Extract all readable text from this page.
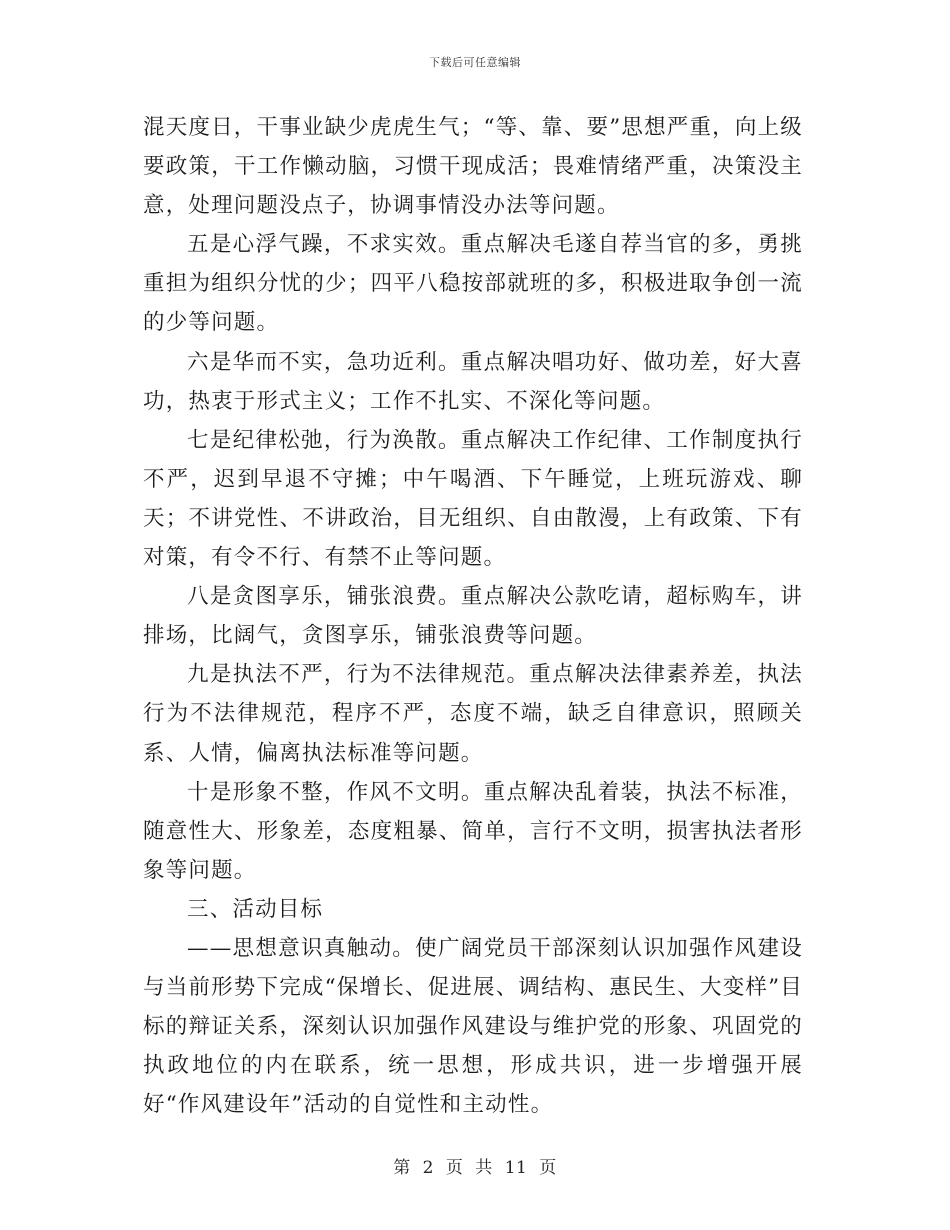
下载后可任意编辑

混天度日，干事业缺少虎虎生气；“等、靠、要”思想严重，向上级要政策，干工作懒动脑，习惯干现成活；畏难情绪严重，决策没主意，处理问题没点子，协调事情没办法等问题。

五是心浮气躁，不求实效。重点解决毛遂自荐当官的多，勇挑重担为组织分忧的少；四平八稳按部就班的多，积极进取争创一流的少等问题。

六是华而不实，急功近利。重点解决唱功好、做功差，好大喜功，热衷于形式主义；工作不扎实、不深化等问题。

七是纪律松弛，行为涣散。重点解决工作纪律、工作制度执行不严，迟到早退不守摊；中午喝酒、下午睡觉，上班玩游戏、聊天；不讲党性、不讲政治，目无组织、自由散漫，上有政策、下有对策，有令不行、有禁不止等问题。

八是贪图享乐，铺张浪费。重点解决公款吃请，超标购车，讲排场，比阔气，贪图享乐，铺张浪费等问题。

九是执法不严，行为不法律规范。重点解决法律素养差，执法行为不法律规范，程序不严，态度不端，缺乏自律意识，照顾关系、人情，偏离执法标准等问题。

十是形象不整，作风不文明。重点解决乱着装，执法不标准，随意性大、形象差，态度粗暴、简单，言行不文明，损害执法者形象等问题。

三、活动目标

——思想意识真触动。使广阔党员干部深刻认识加强作风建设与当前形势下完成“保增长、促进展、调结构、惠民生、大变样”目标的辩证关系，深刻认识加强作风建设与维护党的形象、巩固党的执政地位的内在联系，统一思想，形成共识，进一步增强开展好“作风建设年”活动的自觉性和主动性。

第 2 页 共 11 页
